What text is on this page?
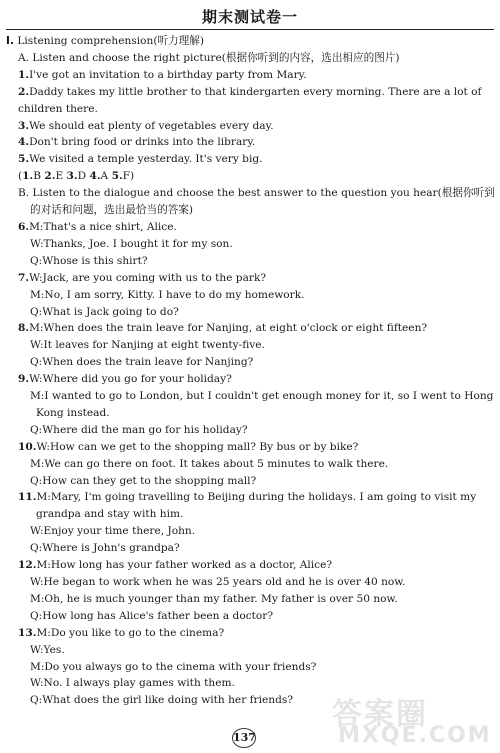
期末测试卷一
Ⅰ. Listening comprehension(听力理解)
A. Listen and choose the right picture(根据你听到的内容，选出相应的图片)
1.I've got an invitation to a birthday party from Mary.
2.Daddy takes my little brother to that kindergarten every morning. There are a lot of
children there.
3.We should eat plenty of vegetables every day.
4.Don't bring food or drinks into the library.
5.We visited a temple yesterday. It's very big.
(1.B 2.E 3.D 4.A 5.F)
B. Listen to the dialogue and choose the best answer to the question you hear(根据你听到
的对话和问题，选出最恰当的答案)
6.M:That's a nice shirt, Alice.
W:Thanks, Joe. I bought it for my son.
Q:Whose is this shirt?
7.W:Jack, are you coming with us to the park?
M:No, I am sorry, Kitty. I have to do my homework.
Q:What is Jack going to do?
8.M:When does the train leave for Nanjing, at eight o'clock or eight fifteen?
W:It leaves for Nanjing at eight twenty-five.
Q:When does the train leave for Nanjing?
9.W:Where did you go for your holiday?
M:I wanted to go to London, but I couldn't get enough money for it, so I went to Hong
Kong instead.
Q:Where did the man go for his holiday?
10.W:How can we get to the shopping mall? By bus or by bike?
M:We can go there on foot. It takes about 5 minutes to walk there.
Q:How can they get to the shopping mall?
11.M:Mary, I'm going travelling to Beijing during the holidays. I am going to visit my
grandpa and stay with him.
W:Enjoy your time there, John.
Q:Where is John's grandpa?
12.M:How long has your father worked as a doctor, Alice?
W:He began to work when he was 25 years old and he is over 40 now.
M:Oh, he is much younger than my father. My father is over 50 now.
Q:How long has Alice's father been a doctor?
13.M:Do you like to go to the cinema?
W:Yes.
M:Do you always go to the cinema with your friends?
W:No. I always play games with them.
Q:What does the girl like doing with her friends?
137
答案圈
MXQE.COM
